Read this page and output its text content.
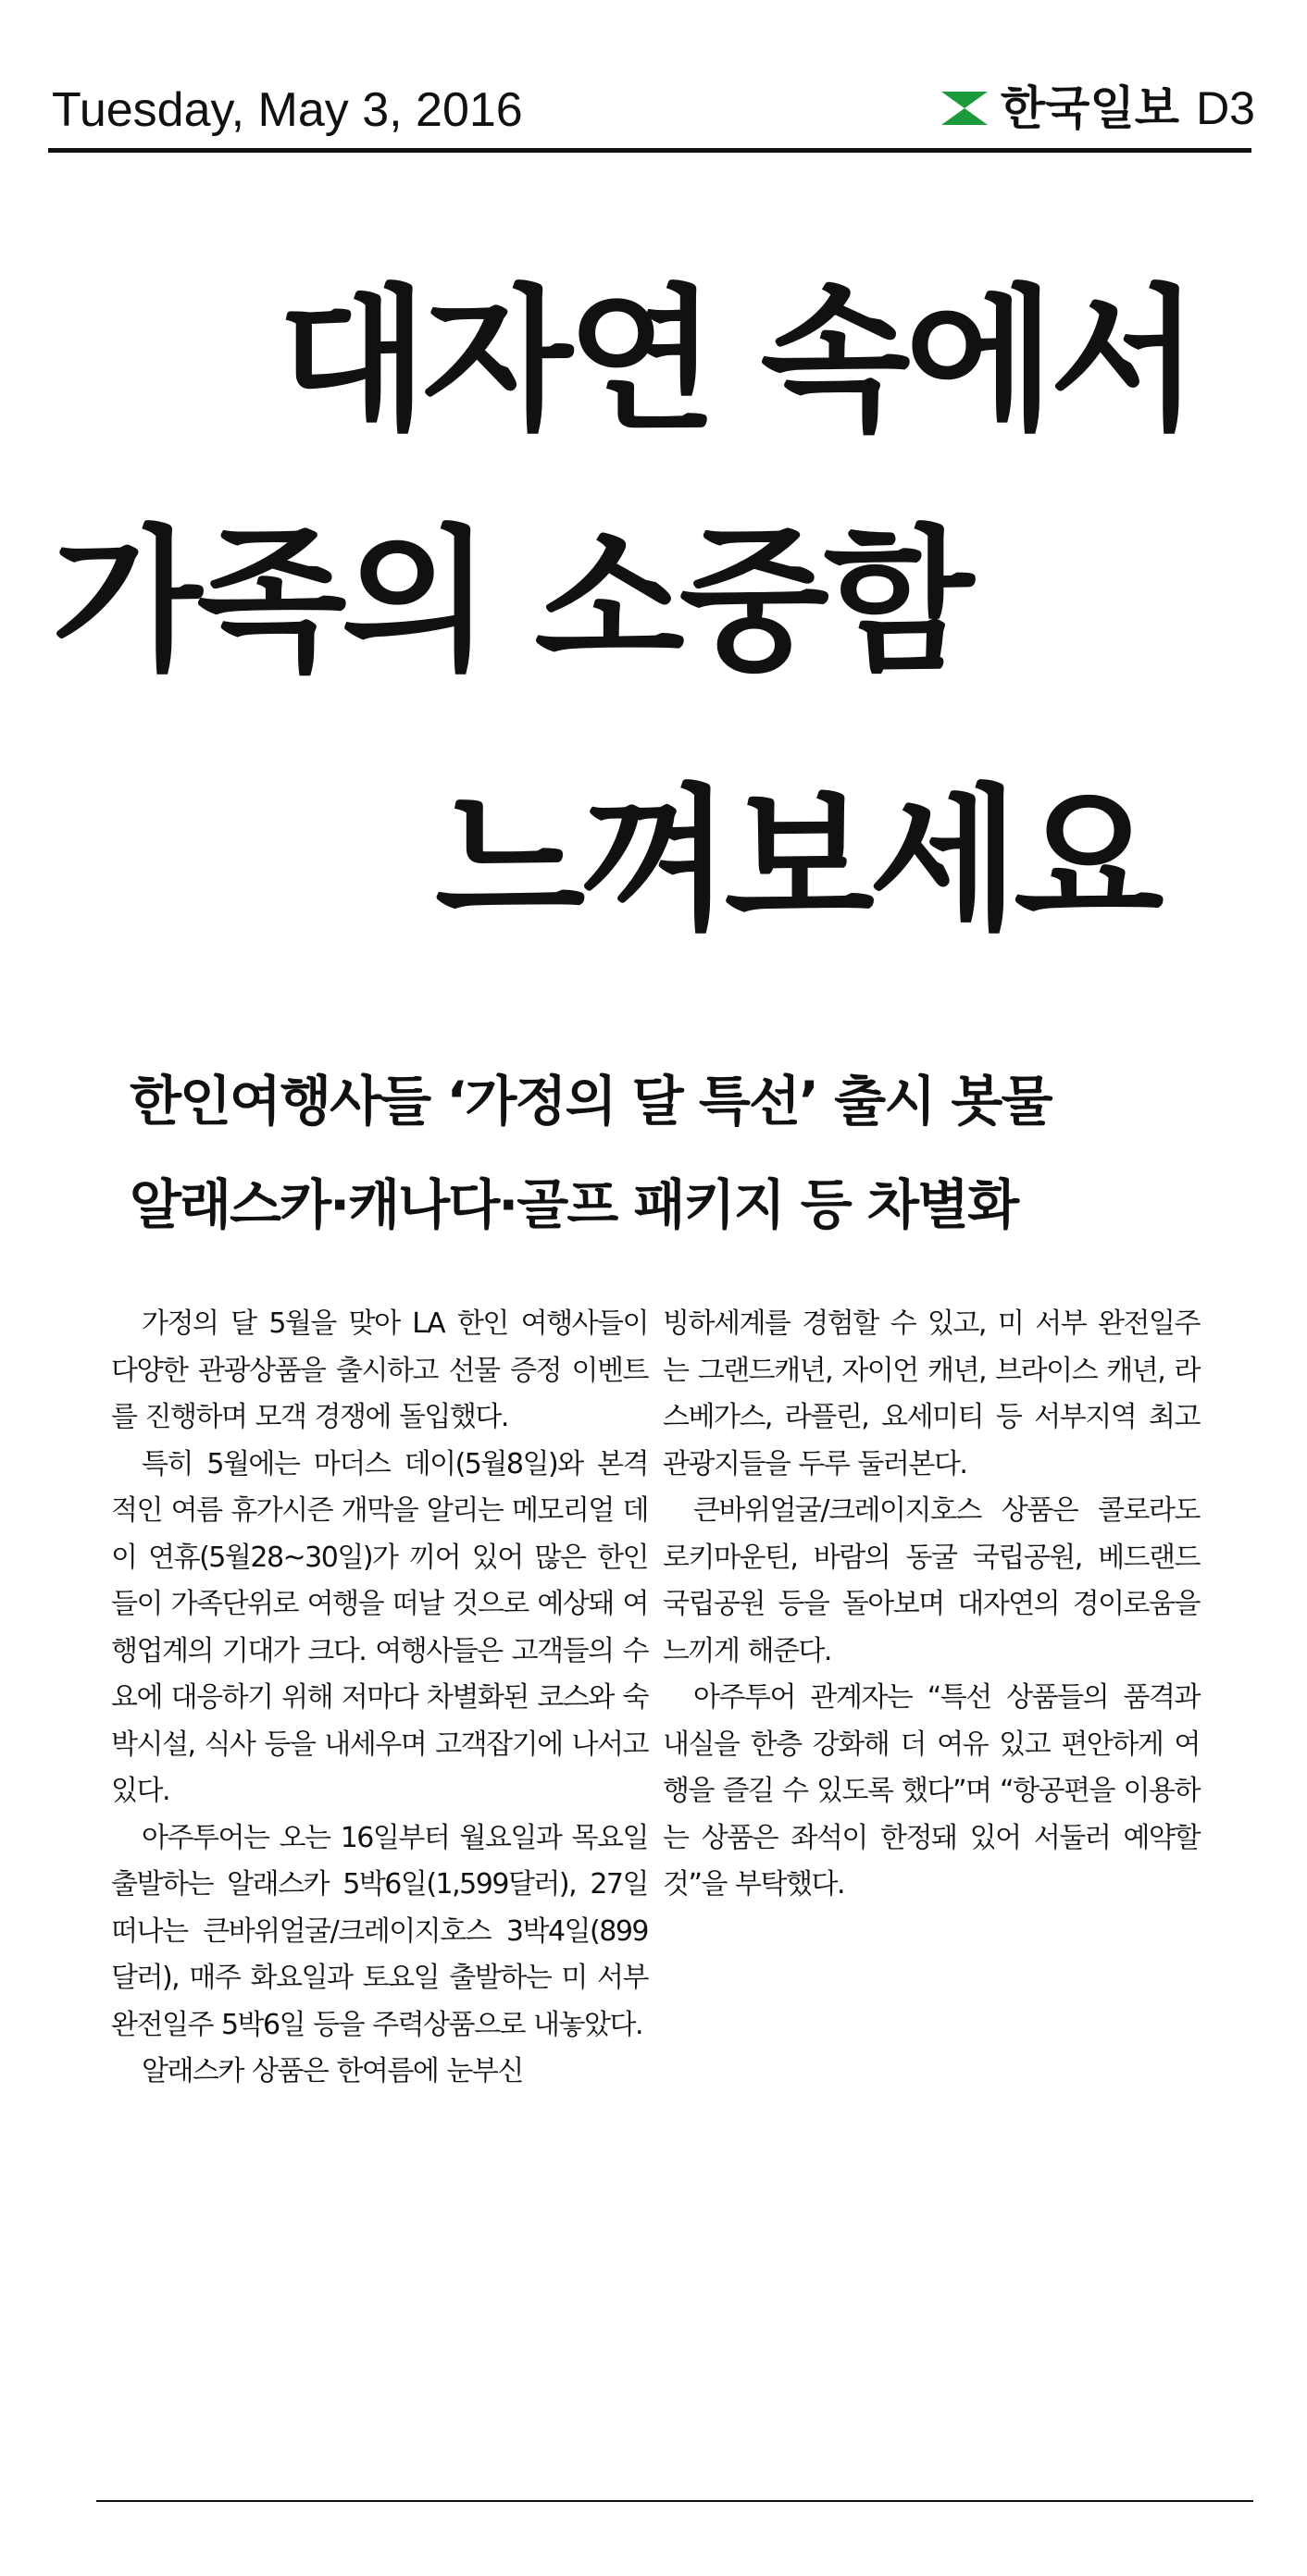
Tuesday, May 3, 2016	한국일보 D3
대자연 속에서
가족의 소중함
느껴보세요
한인여행사들 ‘가정의 달 특선’ 출시 봇물
알래스카·캐나다·골프 패키지 등 차별화

가정의 달 5월을 맞아 LA 한인 여행사들이 다양한 관광상품을 출시하고 선물 증정 이벤트를 진행하며 모객 경쟁에 돌입했다.

특히 5월에는 마더스 데이(5월8일)와 본격적인 여름 휴가시즌 개막을 알리는 메모리얼 데이 연휴(5월28~30일)가 끼어 있어 많은 한인들이 가족단위로 여행을 떠날 것으로 예상돼 여행업계의 기대가 크다. 여행사들은 고객들의 수요에 대응하기 위해 저마다 차별화된 코스와 숙박시설, 식사 등을 내세우며 고객잡기에 나서고 있다.

아주투어는 오는 16일부터 월요일과 목요일 출발하는 알래스카 5박6일(1,599달러), 27일 떠나는 큰바위얼굴/크레이지호스 3박4일(899달러), 매주 화요일과 토요일 출발하는 미 서부 완전일주 5박6일 등을 주력상품으로 내놓았다.

알래스카 상품은 한여름에 눈부신

빙하세계를 경험할 수 있고, 미 서부 완전일주는 그랜드캐년, 자이언 캐년, 브라이스 캐년, 라스베가스, 라플린, 요세미티 등 서부지역 최고 관광지들을 두루 둘러본다.

큰바위얼굴/크레이지호스 상품은 콜로라도 로키마운틴, 바람의 동굴 국립공원, 베드랜드 국립공원 등을 돌아보며 대자연의 경이로움을 느끼게 해준다.

아주투어 관계자는 “특선 상품들의 품격과 내실을 한층 강화해 더 여유 있고 편안하게 여행을 즐길 수 있도록 했다”며 “항공편을 이용하는 상품은 좌석이 한정돼 있어 서둘러 예약할 것”을 부탁했다.
